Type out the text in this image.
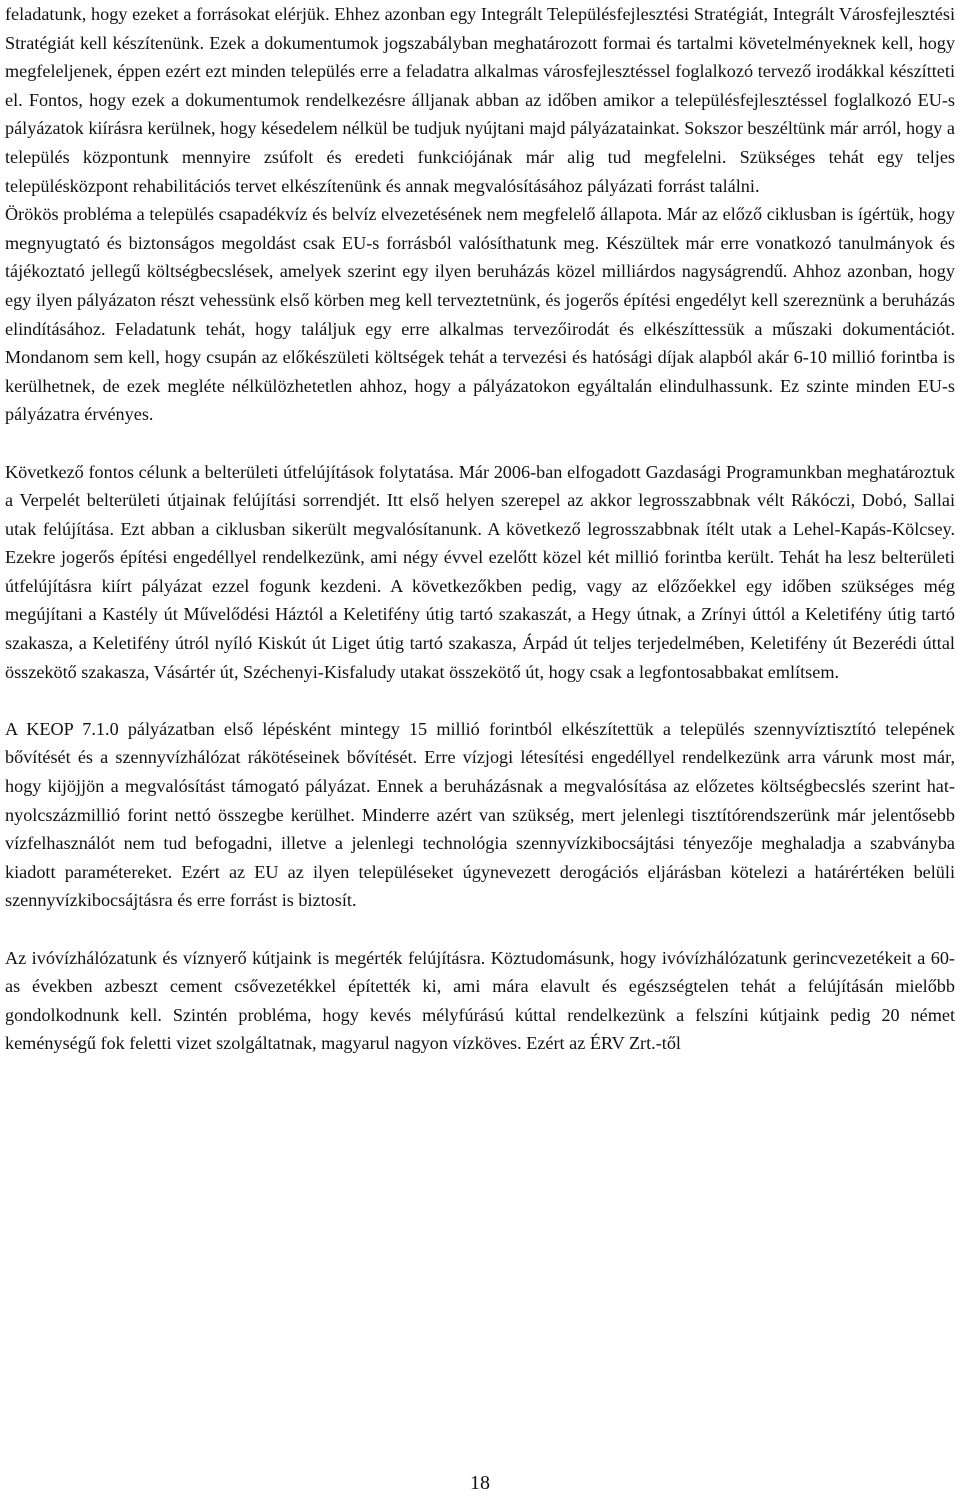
feladatunk, hogy ezeket a forrásokat elérjük. Ehhez azonban egy Integrált Településfejlesztési Stratégiát, Integrált Városfejlesztési Stratégiát kell készítenünk. Ezek a dokumentumok jogszabályban meghatározott formai és tartalmi követelményeknek kell, hogy megfeleljenek, éppen ezért ezt minden település erre a feladatra alkalmas városfejlesztéssel foglalkozó tervező irodákkal készítteti el. Fontos, hogy ezek a dokumentumok rendelkezésre álljanak abban az időben amikor a településfejlesztéssel foglalkozó EU-s pályázatok kiírásra kerülnek, hogy késedelem nélkül be tudjuk nyújtani majd pályázatainkat. Sokszor beszéltünk már arról, hogy a település központunk mennyire zsúfolt és eredeti funkciójának már alig tud megfelelni. Szükséges tehát egy teljes településközpont rehabilitációs tervet elkészítenünk és annak megvalósításához pályázati forrást találni.

Örökös probléma a település csapadékvíz és belvíz elvezetésének nem megfelelő állapota. Már az előző ciklusban is ígértük, hogy megnyugtató és biztonságos megoldást csak EU-s forrásból valósíthatunk meg. Készültek már erre vonatkozó tanulmányok és tájékoztató jellegű költségbecslések, amelyek szerint egy ilyen beruházás közel milliárdos nagyságrendű. Ahhoz azonban, hogy egy ilyen pályázaton részt vehessünk első körben meg kell terveztetnünk, és jogerős építési engedélyt kell szereznünk a beruházás elindításához. Feladatunk tehát, hogy találjuk egy erre alkalmas tervezőirodát és elkészíttessük a műszaki dokumentációt. Mondanom sem kell, hogy csupán az előkészületi költségek tehát a tervezési és hatósági díjak alapból akár 6-10 millió forintba is kerülhetnek, de ezek megléte nélkülözhetetlen ahhoz, hogy a pályázatokon egyáltalán elindulhassunk. Ez szinte minden EU-s pályázatra érvényes.

Következő fontos célunk a belterületi útfelújítások folytatása. Már 2006-ban elfogadott Gazdasági Programunkban meghatároztuk a Verpelét belterületi útjainak felújítási sorrendjét. Itt első helyen szerepel az akkor legrosszabbnak vélt Rákóczi, Dobó, Sallai utak felújítása. Ezt abban a ciklusban sikerült megvalósítanunk. A következő legrosszabbnak ítélt utak a Lehel-Kapás-Kölcsey. Ezekre jogerős építési engedéllyel rendelkezünk, ami négy évvel ezelőtt közel két millió forintba került. Tehát ha lesz belterületi útfelújításra kiírt pályázat ezzel fogunk kezdeni. A következőkben pedig, vagy az előzőekkel egy időben szükséges még megújítani a Kastély út Művelődési Háztól a Keletifény útig tartó szakaszát, a Hegy útnak, a Zrínyi úttól a Keletifény útig tartó szakasza, a Keletifény útról nyíló Kiskút út Liget útig tartó szakasza, Árpád út teljes terjedelmében, Keletifény út Bezerédi úttal összekötő szakasza, Vásártér út, Széchenyi-Kisfaludy utakat összekötő út, hogy csak a legfontosabbakat említsem.

A KEOP 7.1.0 pályázatban első lépésként mintegy 15 millió forintból elkészítettük a település szennyvíztisztító telepének bővítését és a szennyvízhálózat rákötéseinek bővítését. Erre vízjogi létesítési engedéllyel rendelkezünk arra várunk most már, hogy kijöjjön a megvalósítást támogató pályázat. Ennek a beruházásnak a megvalósítása az előzetes költségbecslés szerint hat-nyolcszázmillió forint nettó összegbe kerülhet. Minderre azért van szükség, mert jelenlegi tisztítórendszerünk már jelentősebb vízfelhasználót nem tud befogadni, illetve a jelenlegi technológia szennyvízkibocsájtási tényezője meghaladja a szabványba kiadott paramétereket. Ezért az EU az ilyen településeket úgynevezett derogációs eljárásban kötelezi a határértéken belüli szennyvízkibocsájtásra és erre forrást is biztosít.

Az ivóvízhálózatunk és víznyerő kútjaink is megérték felújításra. Köztudomásunk, hogy ivóvízhálózatunk gerincvezetékeit a 60-as években azbeszt cement csővezetékkel építették ki, ami mára elavult és egészségtelen tehát a felújításán mielőbb gondolkodnunk kell. Szintén probléma, hogy kevés mélyfúrású kúttal rendelkezünk a felszíni kútjaink pedig 20 német keménységű fok feletti vizet szolgáltatnak, magyarul nagyon vízköves. Ezért az ÉRV Zrt.-től

18
